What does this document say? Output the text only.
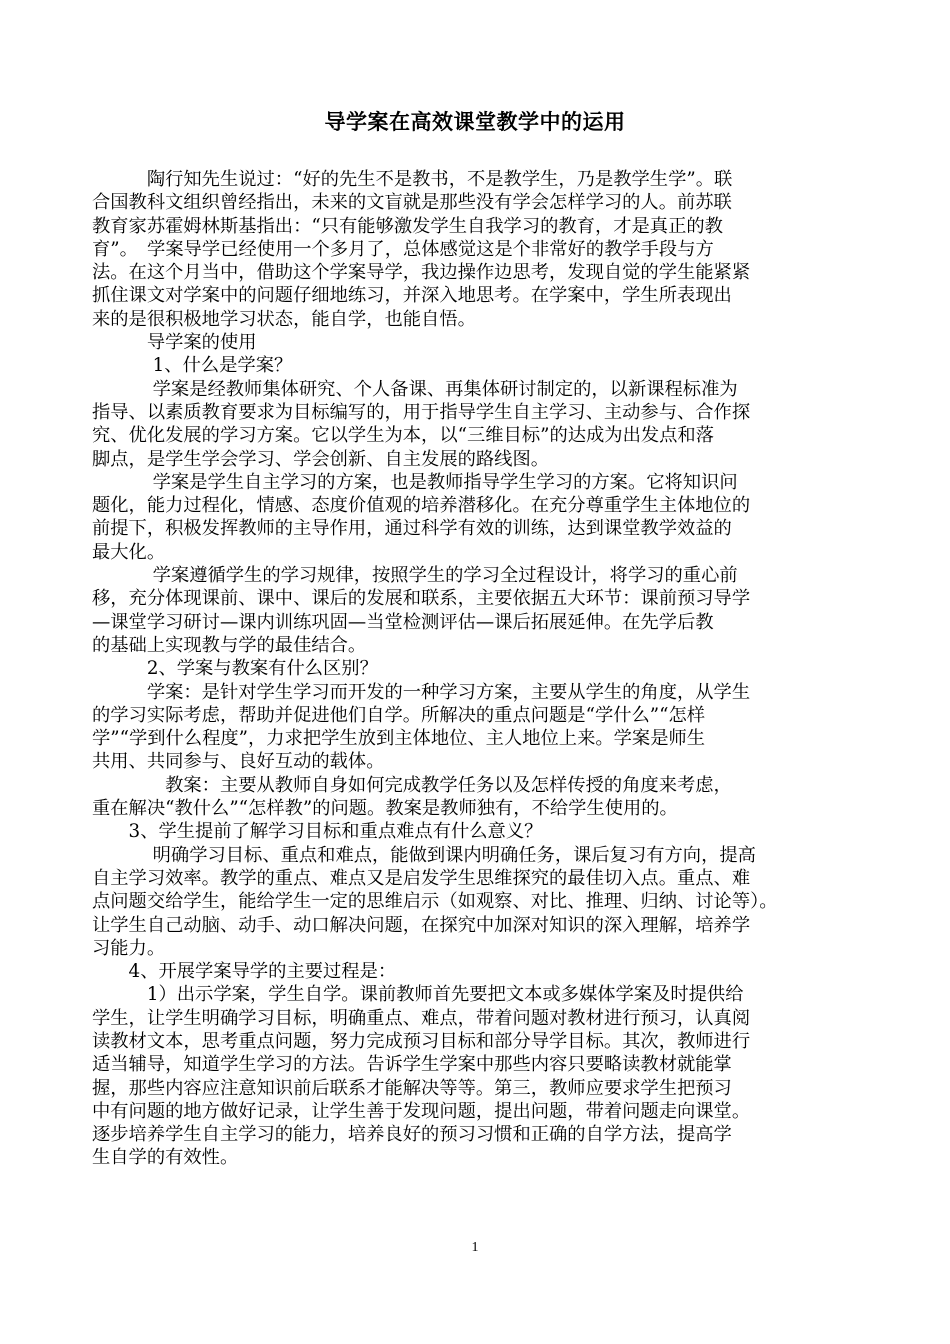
导学案在高效课堂教学中的运用
　　　陶行知先生说过：“好的先生不是教书，不是教学生，乃是教学生学”。联
合国教科文组织曾经指出，未来的文盲就是那些没有学会怎样学习的人。前苏联
教育家苏霍姆林斯基指出：“只有能够激发学生自我学习的教育，才是真正的教
育”。　学案导学已经使用一个多月了，总体感觉这是个非常好的教学手段与方
法。在这个月当中，借助这个学案导学，我边操作边思考，发现自觉的学生能紧紧
抓住课文对学案中的问题仔细地练习，并深入地思考。在学案中，学生所表现出
来的是很积极地学习状态，能自学，也能自悟。
　　　导学案的使用
　　　 1、什么是学案？
　　　 学案是经教师集体研究、个人备课、再集体研讨制定的，以新课程标准为
指导、以素质教育要求为目标编写的，用于指导学生自主学习、主动参与、合作探
究、优化发展的学习方案。它以学生为本，以“三维目标”的达成为出发点和落
脚点，是学生学会学习、学会创新、自主发展的路线图。
　　　 学案是学生自主学习的方案，也是教师指导学生学习的方案。它将知识问
题化，能力过程化，情感、态度价值观的培养潜移化。在充分尊重学生主体地位的
前提下，积极发挥教师的主导作用，通过科学有效的训练，达到课堂教学效益的
最大化。
　　　 学案遵循学生的学习规律，按照学生的学习全过程设计，将学习的重心前
移，充分体现课前、课中、课后的发展和联系，主要依据五大环节：课前预习导学
—课堂学习研讨—课内训练巩固—当堂检测评估—课后拓展延伸。在先学后教
的基础上实现教与学的最佳结合。
　　　2、学案与教案有什么区别？
　　　学案：是针对学生学习而开发的一种学习方案，主要从学生的角度，从学生
的学习实际考虑，帮助并促进他们自学。所解决的重点问题是“学什么”“怎样
学”“学到什么程度”，力求把学生放到主体地位、主人地位上来。学案是师生
共用、共同参与、良好互动的载体。
　　　　教案：主要从教师自身如何完成教学任务以及怎样传授的角度来考虑，
重在解决“教什么”“怎样教”的问题。教案是教师独有，不给学生使用的。
　　3、学生提前了解学习目标和重点难点有什么意义？
　　　 明确学习目标、重点和难点，能做到课内明确任务，课后复习有方向，提高
自主学习效率。教学的重点、难点又是启发学生思维探究的最佳切入点。重点、难
点问题交给学生，能给学生一定的思维启示（如观察、对比、推理、归纳、讨论等）。
让学生自己动脑、动手、动口解决问题，在探究中加深对知识的深入理解，培养学
习能力。
　　4、开展学案导学的主要过程是：
　　　1）出示学案，学生自学。课前教师首先要把文本或多媒体学案及时提供给
学生，让学生明确学习目标，明确重点、难点，带着问题对教材进行预习，认真阅
读教材文本，思考重点问题，努力完成预习目标和部分导学目标。其次，教师进行
适当辅导，知道学生学习的方法。告诉学生学案中那些内容只要略读教材就能掌
握，那些内容应注意知识前后联系才能解决等等。第三，教师应要求学生把预习
中有问题的地方做好记录，让学生善于发现问题，提出问题，带着问题走向课堂。
逐步培养学生自主学习的能力，培养良好的预习习惯和正确的自学方法，提高学
生自学的有效性。
1
